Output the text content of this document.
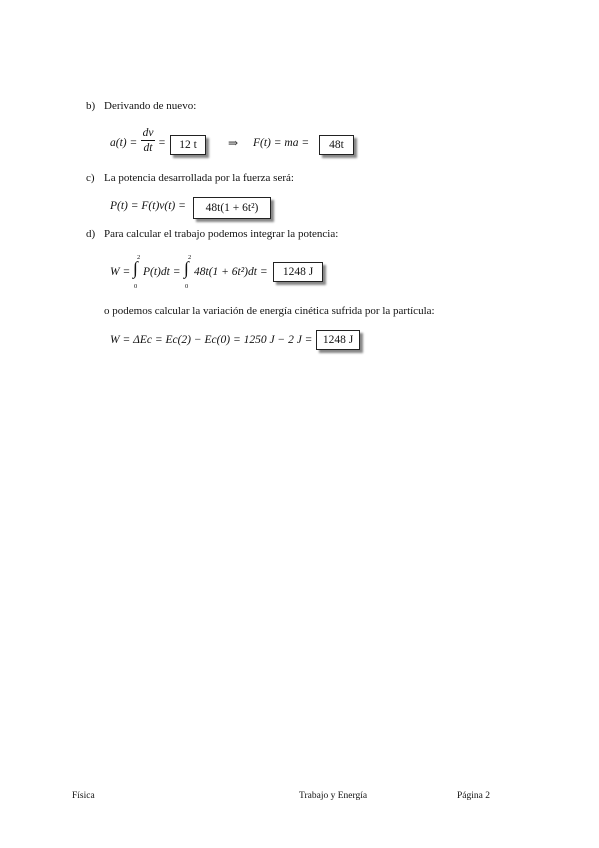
b) Derivando de nuevo:
a(t) =
dv
dt =	12 t	⇒ F(t) = ma =	48t
c) La potencia desarrollada por la fuerza será:
P(t) = F(t)v(t) =	48t(1 + 6t²)
d) Para calcular el trabajo podemos integrar la potencia:
W = ∫
2
0
P(t)dt = ∫
2
0
48t(1 + 6t²)dt =	1248 J
o podemos calcular la variación de energía cinética sufrida por la partícula:
W = ΔEc = Ec(2) − Ec(0) = 1250 J − 2 J = 1248 J
Física	Trabajo y Energía	Página 2
